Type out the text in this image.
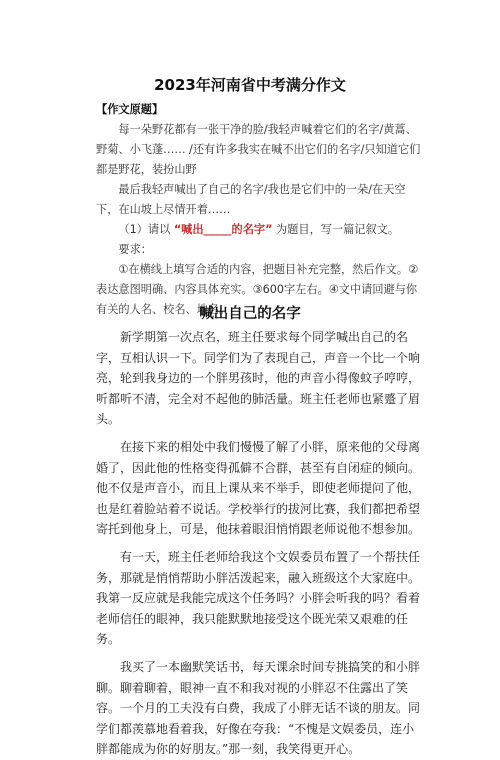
2023年河南省中考满分作文

【作文原题】

每一朵野花都有一张干净的脸/我轻声喊着它们的名字/黄蒿、野菊、小飞蓬…… /还有许多我实在喊不出它们的名字/只知道它们都是野花，装扮山野

最后我轻声喊出了自己的名字/我也是它们中的一朵/在天空下，在山坡上尽情开着……

（1）请以 “喊出_____的名字” 为题目，写一篇记叙文。

要求：

①在横线上填写合适的内容，把题目补充完整，然后作文。②表达意图明确、内容具体充实。③600字左右。④文中请回避与你有关的人名、校名、地名。

喊出自己的名字

新学期第一次点名，班主任要求每个同学喊出自己的名字，互相认识一下。同学们为了表现自己，声音一个比一个响亮，轮到我身边的一个胖男孩时，他的声音小得像蚊子哼哼，听都听不清，完全对不起他的肺活量。班主任老师也紧蹙了眉头。

在接下来的相处中我们慢慢了解了小胖，原来他的父母离婚了，因此他的性格变得孤僻不合群，甚至有自闭症的倾向。他不仅是声音小，而且上课从来不举手，即使老师提问了他，也是红着脸站着不说话。学校举行的拔河比赛，我们都把希望寄托到他身上，可是，他抹着眼泪悄悄跟老师说他不想参加。

有一天，班主任老师给我这个文娱委员布置了一个帮扶任务，那就是悄悄帮助小胖活泼起来，融入班级这个大家庭中。我第一反应就是我能完成这个任务吗？小胖会听我的吗？看着老师信任的眼神，我只能默默地接受这个既光荣又艰难的任务。

我买了一本幽默笑话书，每天课余时间专挑搞笑的和小胖聊。聊着聊着，眼神一直不和我对视的小胖忍不住露出了笑容。一个月的工夫没有白费，我成了小胖无话不谈的朋友。同学们都羡慕地看着我，好像在夸我：“不愧是文娱委员，连小胖都能成为你的好朋友。”那一刻，我笑得更开心。
